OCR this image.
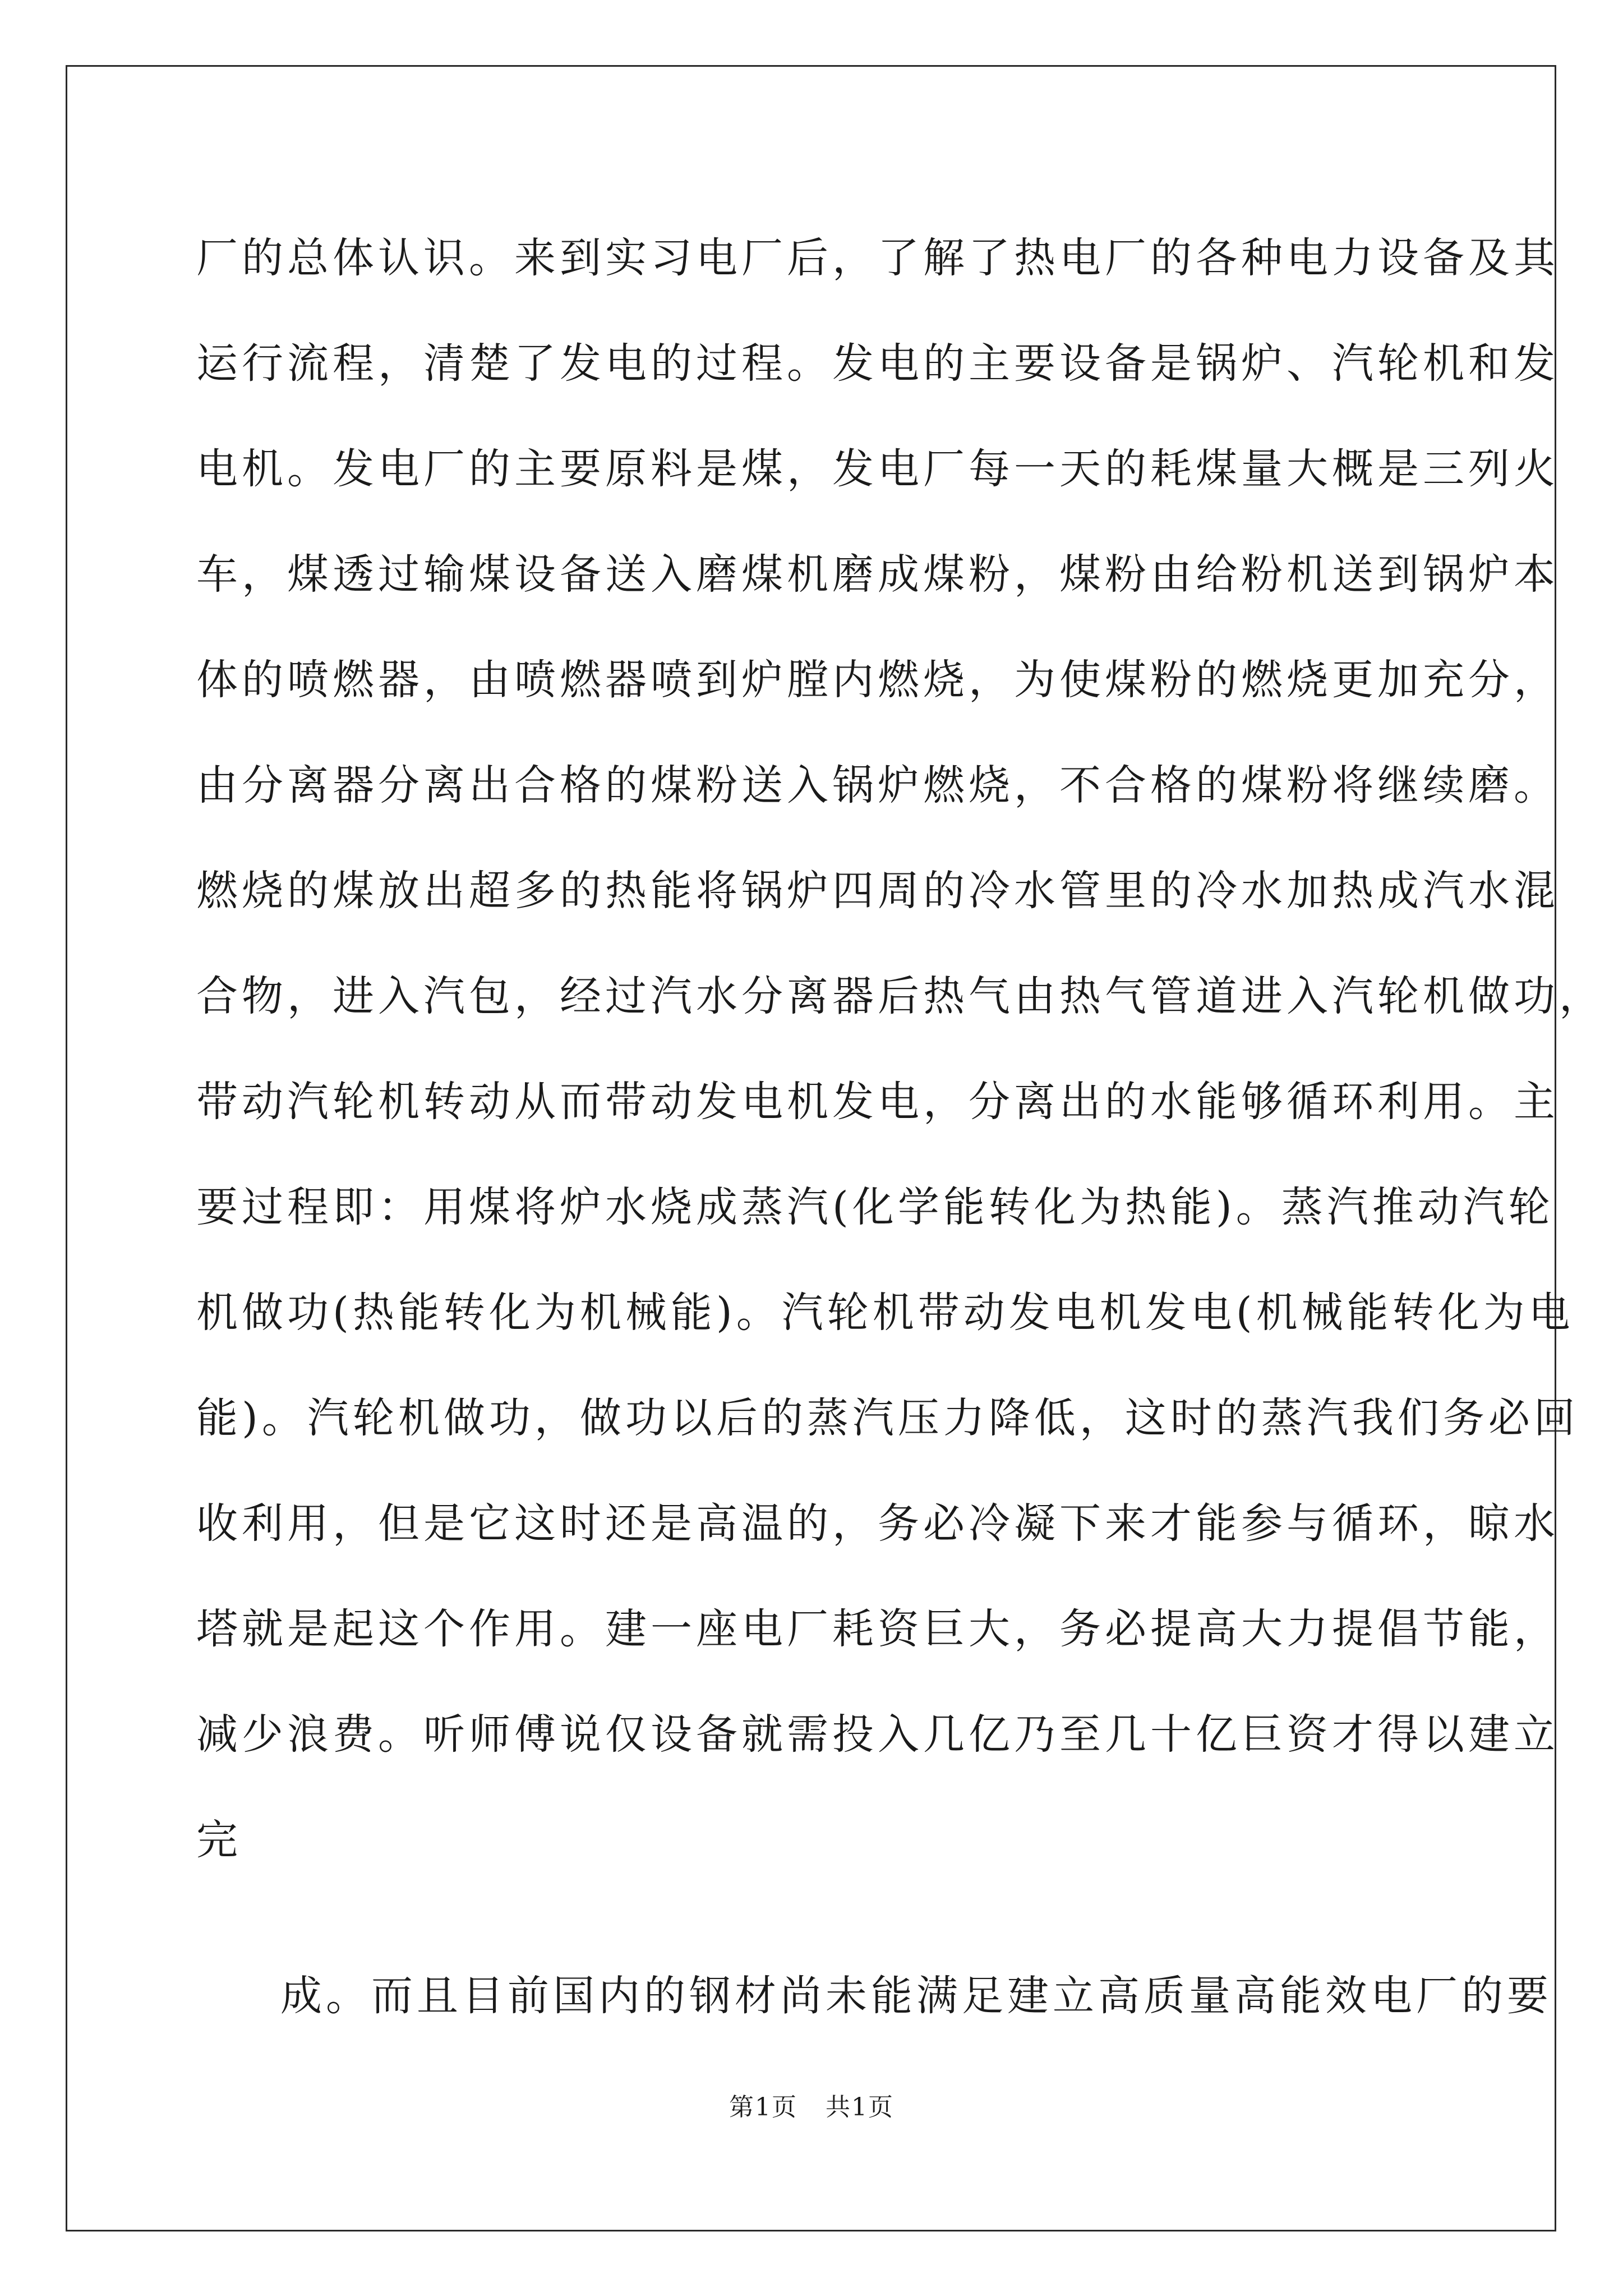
厂的总体认识。来到实习电厂后，了解了热电厂的各种电力设备及其
运行流程，清楚了发电的过程。发电的主要设备是锅炉、汽轮机和发
电机。发电厂的主要原料是煤，发电厂每一天的耗煤量大概是三列火
车，煤透过输煤设备送入磨煤机磨成煤粉，煤粉由给粉机送到锅炉本
体的喷燃器，由喷燃器喷到炉膛内燃烧，为使煤粉的燃烧更加充分，
由分离器分离出合格的煤粉送入锅炉燃烧，不合格的煤粉将继续磨。
燃烧的煤放出超多的热能将锅炉四周的冷水管里的冷水加热成汽水混
合物，进入汽包，经过汽水分离器后热气由热气管道进入汽轮机做功，
带动汽轮机转动从而带动发电机发电，分离出的水能够循环利用。主
要过程即：用煤将炉水烧成蒸汽(化学能转化为热能)。蒸汽推动汽轮
机做功(热能转化为机械能)。汽轮机带动发电机发电(机械能转化为电
能)。汽轮机做功，做功以后的蒸汽压力降低，这时的蒸汽我们务必回
收利用，但是它这时还是高温的，务必冷凝下来才能参与循环，晾水
塔就是起这个作用。建一座电厂耗资巨大，务必提高大力提倡节能，
减少浪费。听师傅说仅设备就需投入几亿乃至几十亿巨资才得以建立
完
成。而且目前国内的钢材尚未能满足建立高质量高能效电厂的要
第1页 共1页
